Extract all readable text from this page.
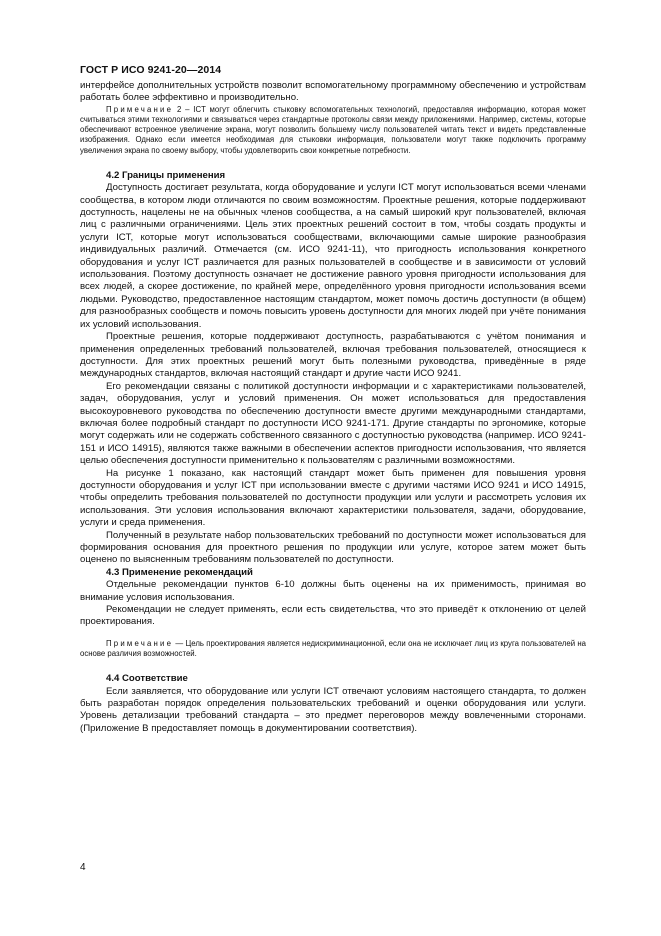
ГОСТ Р ИСО 9241-20—2014

интерфейсе дополнительных устройств позволит вспомогательному программному обеспечению и устройствам работать более эффективно и производительно.

Примечание 2 – ICT могут облегчить стыковку вспомогательных технологий, предоставляя информацию, которая может считываться этими технологиями и связываться через стандартные протоколы связи между приложениями. Например, системы, которые обеспечивают встроенное увеличение экрана, могут позволить большему числу пользователей читать текст и видеть представленные изображения. Однако если имеется необходимая для стыковки информация, пользователи могут также подключить программу увеличения экрана по своему выбору, чтобы удовлетворить свои конкретные потребности.

4.2 Границы применения

Доступность достигает результата, когда оборудование и услуги ICT могут использоваться всеми членами сообщества, в котором люди отличаются по своим возможностям. Проектные решения, которые поддерживают доступность, нацелены не на обычных членов сообщества, а на самый широкий круг пользователей, включая лиц с различными ограничениями. Цель этих проектных решений состоит в том, чтобы создать продукты и услуги ICT, которые могут использоваться сообществами, включающими самые широкие разнообразия индивидуальных различий. Отмечается (см. ИСО 9241-11), что пригодность использования конкретного оборудования и услуг ICT различается для разных пользователей в сообществе и в зависимости от условий использования. Поэтому доступность означает не достижение равного уровня пригодности использования для всех людей, а скорее достижение, по крайней мере, определённого уровня пригодности использования всеми людьми. Руководство, предоставленное настоящим стандартом, может помочь достичь доступности (в общем) для разнообразных сообществ и помочь повысить уровень доступности для многих людей при учёте понимания их условий использования.

Проектные решения, которые поддерживают доступность, разрабатываются с учётом понимания и применения определенных требований пользователей, включая требования пользователей, относящиеся к доступности. Для этих проектных решений могут быть полезными руководства, приведённые в ряде международных стандартов, включая настоящий стандарт и другие части ИСО 9241.

Его рекомендации связаны с политикой доступности информации и с характеристиками пользователей, задач, оборудования, услуг и условий применения. Он может использоваться для предоставления высокоуровневого руководства по обеспечению доступности вместе другими международными стандартами, включая более подробный стандарт по доступности ИСО 9241-171. Другие стандарты по эргономике, которые могут содержать или не содержать собственного связанного с доступностью руководства (например. ИСО 9241-151 и ИСО 14915), являются также важными в обеспечении аспектов пригодности использования, что является целью обеспечения доступности применительно к пользователям с различными возможностями.

На рисунке 1 показано, как настоящий стандарт может быть применен для повышения уровня доступности оборудования и услуг ICT при использовании вместе с другими частями ИСО 9241 и ИСО 14915, чтобы определить требования пользователей по доступности продукции или услуги и рассмотреть условия их использования. Эти условия использования включают характеристики пользователя, задачи, оборудование, услуги и среда применения.

Полученный в результате набор пользовательских требований по доступности может использоваться для формирования основания для проектного решения по продукции или услуге, которое затем может быть оценено по выясненным требованиям пользователей по доступности.

4.3 Применение рекомендаций

Отдельные рекомендации пунктов 6-10 должны быть оценены на их применимость, принимая во внимание условия использования.

Рекомендации не следует применять, если есть свидетельства, что это приведёт к отклонению от целей проектирования.

Примечание — Цель проектирования является недискриминационной, если она не исключает лиц из круга пользователей на основе различия возможностей.

4.4 Соответствие

Если заявляется, что оборудование или услуги ICT отвечают условиям настоящего стандарта, то должен быть разработан порядок определения пользовательских требований и оценки оборудования или услуги. Уровень детализации требований стандарта – это предмет переговоров между вовлеченными сторонами. (Приложение В предоставляет помощь в документировании соответствия).

4
